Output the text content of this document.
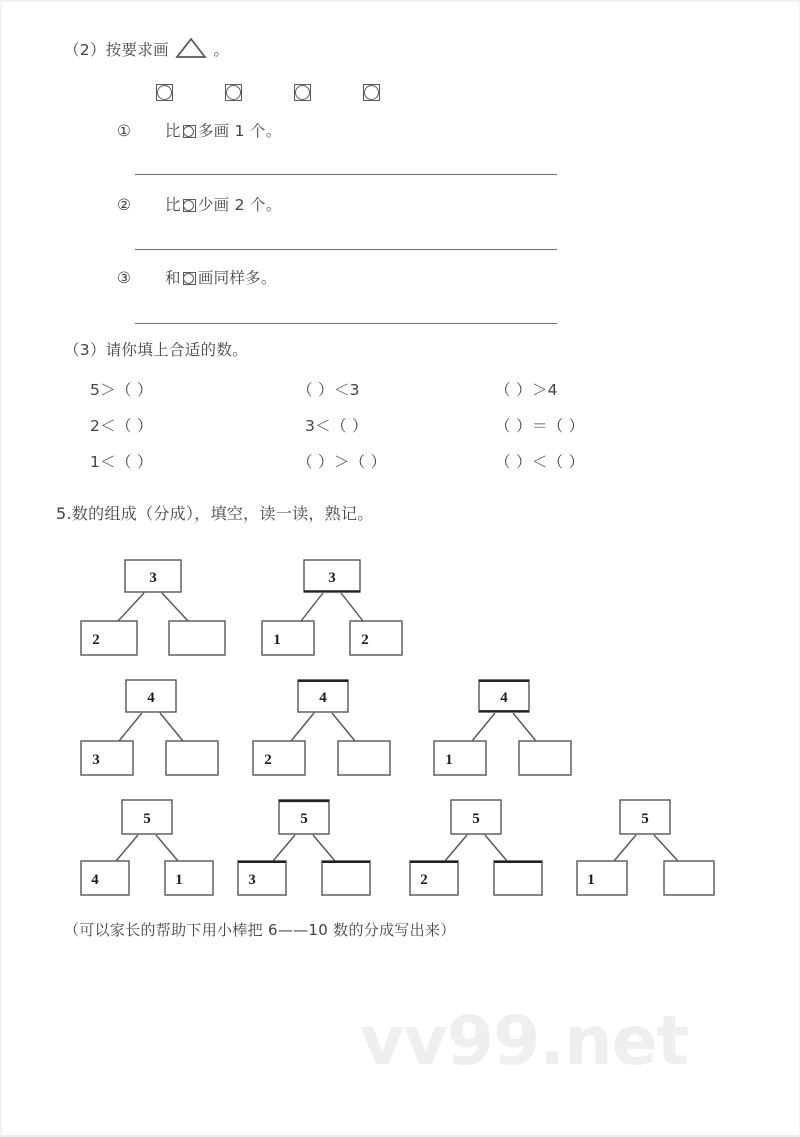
（2）按要求画	。

① 比 多画 1 个。
② 比 少画 2 个。
③ 和 画同样多。
（3）请你填上合适的数。
5＞（ ）	（ ）＜3	（ ）＞4
2＜（ ）	3＜（ ）	（ ）＝（ ）
1＜（ ）	（ ）＞（ ）	（ ）＜（ ）
5.数的组成（分成），填空，读一读，熟记。
3
2
3
1	2
4
3
4
2
4
1
5
4	1
5
3
5
2
5
1
（可以家长的帮助下用小棒把 6——10 数的分成写出来）
vv99.net
